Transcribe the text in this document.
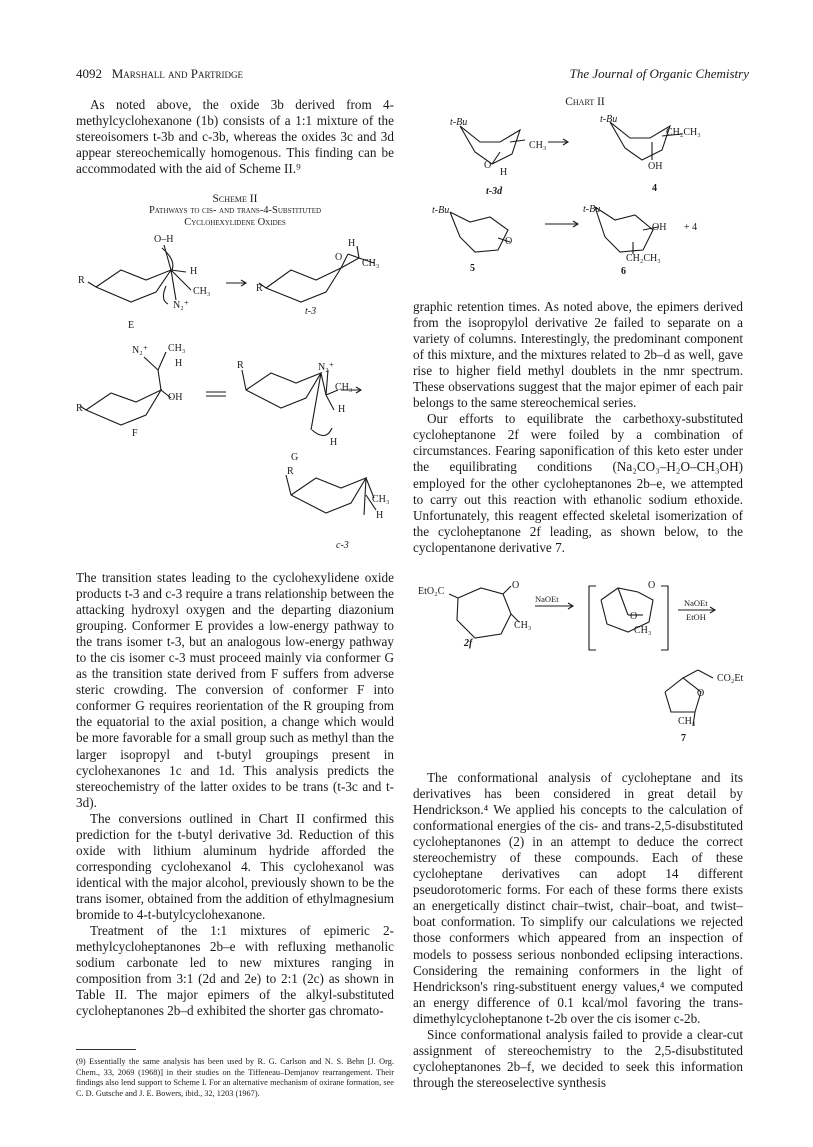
4092 Marshall and Partridge	The Journal of Organic Chemistry

As noted above, the oxide 3b derived from 4-methylcyclohexanone (1b) consists of a 1:1 mixture of the stereoisomers t-3b and c-3b, whereas the oxides 3c and 3d appear stereochemically homogenous. This finding can be accommodated with the aid of Scheme II.⁹

Scheme II
Pathways to cis- and trans-4-Substituted
Cyclohexylidene Oxides
R
O–H
H
CH₃
N₂⁺
E
R
H
O
CH₃
t-3
N₂⁺ CH₃
H
OH
R
F
R	N₂⁺
CH₃
H
H
G
R
CH₃
H
c-3

The transition states leading to the cyclohexylidene oxide products t-3 and c-3 require a trans relationship between the attacking hydroxyl oxygen and the departing diazonium grouping. Conformer E provides a low-energy pathway to the trans isomer t-3, but an analogous low-energy pathway to the cis isomer c-3 must proceed mainly via conformer G as the transition state derived from F suffers from adverse steric crowding. The conversion of conformer F into conformer G requires reorientation of the R grouping from the equatorial to the axial position, a change which would be more favorable for a small group such as methyl than the larger isopropyl and t-butyl groupings present in cyclohexanones 1c and 1d. This analysis predicts the stereochemistry of the latter oxides to be trans (t-3c and t-3d).

The conversions outlined in Chart II confirmed this prediction for the t-butyl derivative 3d. Reduction of this oxide with lithium aluminum hydride afforded the corresponding cyclohexanol 4. This cyclohexanol was identical with the major alcohol, previously shown to be the trans isomer, obtained from the addition of ethylmagnesium bromide to 4-t-butylcyclohexanone.

Treatment of the 1:1 mixtures of epimeric 2-methylcycloheptanones 2b–e with refluxing methanolic sodium carbonate led to new mixtures ranging in composition from 3:1 (2d and 2e) to 2:1 (2c) as shown in Table II. The major epimers of the alkyl-substituted cycloheptanones 2b–d exhibited the shorter gas chromato-

(9) Essentially the same analysis has been used by R. G. Carlson and N. S. Behn [J. Org. Chem., 33, 2069 (1968)] in their studies on the Tiffeneau–Demjanov rearrangement. Their findings also lend support to Scheme I. For an alternative mechanism of oxirane formation, see C. D. Gutsche and J. E. Bowers, ibid., 32, 1203 (1967).
Chart II
t-Bu
CH₃
O
H
t-3d
t-Bu
CH₂CH₃
OH
4
t-Bu
O
5
t-Bu
OH + 4
CH₂CH₃
6

graphic retention times. As noted above, the epimers derived from the isopropylol derivative 2e failed to separate on a variety of columns. Interestingly, the predominant component of this mixture, and the mixtures related to 2b–d as well, gave rise to higher field methyl doublets in the nmr spectrum. These observations suggest that the major epimer of each pair belongs to the same stereochemical series.

Our efforts to equilibrate the carbethoxy-substituted cycloheptanone 2f were foiled by a combination of circumstances. Fearing saponification of this keto ester under the equilibrating conditions (Na₂CO₃–H₂O–CH₃OH) employed for the other cycloheptanones 2b–e, we attempted to carry out this reaction with ethanolic sodium ethoxide. Unfortunately, this reagent effected skeletal isomerization of the cycloheptanone 2f leading, as shown below, to the cyclopentanone derivative 7.

EtO₂C
O
CH₃
2f
NaOEt
O
O
CH₃
NaOEt
EtOH
CO₂Et
O
CH₃
7

The conformational analysis of cycloheptane and its derivatives has been considered in great detail by Hendrickson.⁴ We applied his concepts to the calculation of conformational energies of the cis- and trans-2,5-disubstituted cycloheptanones (2) in an attempt to deduce the correct stereochemistry of these compounds. Each of these cycloheptane derivatives can adopt 14 different pseudorotomeric forms. For each of these forms there exists an energetically distinct chair–twist, chair–boat, and twist–boat conformation. To simplify our calculations we rejected those conformers which appeared from an inspection of models to possess serious nonbonded eclipsing interactions. Considering the remaining conformers in the light of Hendrickson's ring-substituent energy values,⁴ we computed an energy difference of 0.1 kcal/mol favoring the trans-dimethylcycloheptanone t-2b over the cis isomer c-2b.

Since conformational analysis failed to provide a clear-cut assignment of stereochemistry to the 2,5-disubstituted cycloheptanones 2b–f, we decided to seek this information through the stereoselective synthesis
